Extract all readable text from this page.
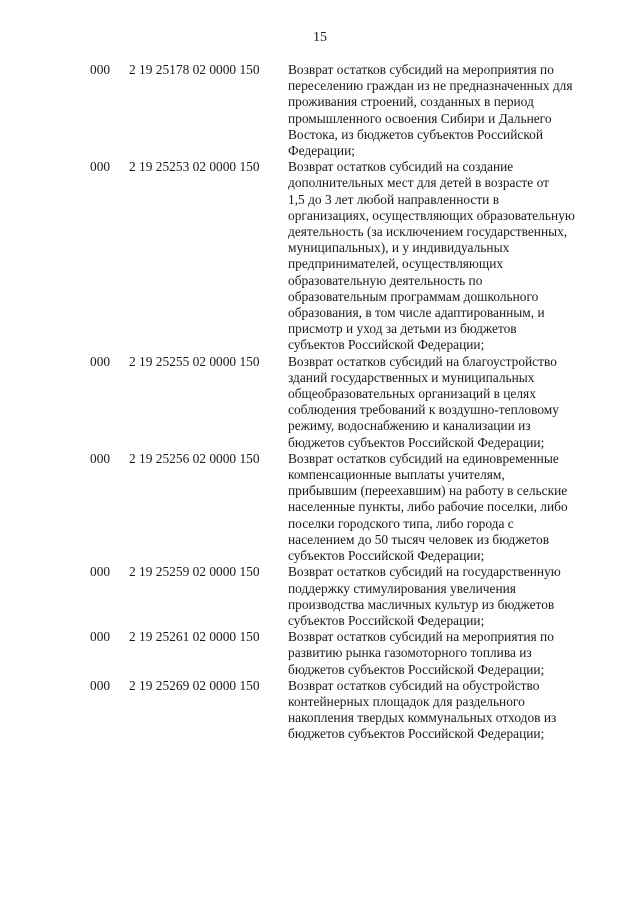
15
000	2 19 25178 02 0000 150	Возврат остатков субсидий на мероприятия по
переселению граждан из не предназначенных для
проживания строений, созданных в период
промышленного освоения Сибири и Дальнего
Востока, из бюджетов субъектов Российской
Федерации;
000	2 19 25253 02 0000 150	Возврат остатков субсидий на создание
дополнительных мест для детей в возрасте от
1,5 до 3 лет любой направленности в
организациях, осуществляющих образовательную
деятельность (за исключением государственных,
муниципальных), и у индивидуальных
предпринимателей, осуществляющих
образовательную деятельность по
образовательным программам дошкольного
образования, в том числе адаптированным, и
присмотр и уход за детьми из бюджетов
субъектов Российской Федерации;
000	2 19 25255 02 0000 150	Возврат остатков субсидий на благоустройство
зданий государственных и муниципальных
общеобразовательных организаций в целях
соблюдения требований к воздушно-тепловому
режиму, водоснабжению и канализации из
бюджетов субъектов Российской Федерации;
000	2 19 25256 02 0000 150	Возврат остатков субсидий на единовременные
компенсационные выплаты учителям,
прибывшим (переехавшим) на работу в сельские
населенные пункты, либо рабочие поселки, либо
поселки городского типа, либо города с
населением до 50 тысяч человек из бюджетов
субъектов Российской Федерации;
000	2 19 25259 02 0000 150	Возврат остатков субсидий на государственную
поддержку стимулирования увеличения
производства масличных культур из бюджетов
субъектов Российской Федерации;
000	2 19 25261 02 0000 150	Возврат остатков субсидий на мероприятия по
развитию рынка газомоторного топлива из
бюджетов субъектов Российской Федерации;
000	2 19 25269 02 0000 150	Возврат остатков субсидий на обустройство
контейнерных площадок для раздельного
накопления твердых коммунальных отходов из
бюджетов субъектов Российской Федерации;
